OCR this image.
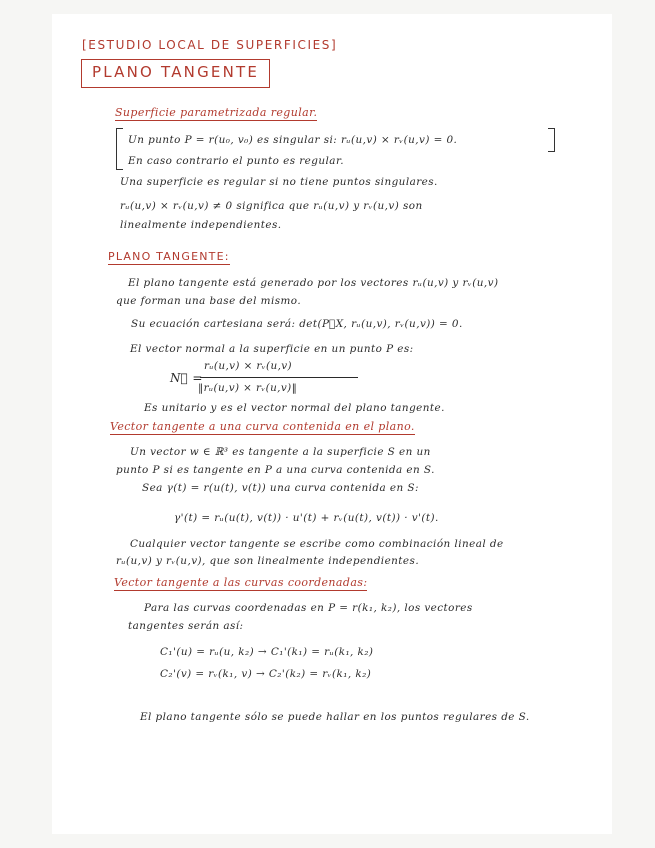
[ESTUDIO LOCAL DE SUPERFICIES]
PLANO TANGENTE
Superficie parametrizada regular.
Un punto P = r(u₀, v₀) es singular si: rᵤ(u,v) × rᵥ(u,v) = 0.
En caso contrario el punto es regular.
Una superficie es regular si no tiene puntos singulares.
rᵤ(u,v) × rᵥ(u,v) ≠ 0 significa que rᵤ(u,v) y rᵥ(u,v) son
linealmente independientes.
PLANO TANGENTE:
El plano tangente está generado por los vectores rᵤ(u,v) y rᵥ(u,v)
que forman una base del mismo.
Su ecuación cartesiana será: det(P⃗X, rᵤ(u,v), rᵥ(u,v)) = 0.
El vector normal a la superficie en un punto P es:
N⃗ =
rᵤ(u,v) × rᵥ(u,v)
‖rᵤ(u,v) × rᵥ(u,v)‖
Es unitario y es el vector normal del plano tangente.
Vector tangente a una curva contenida en el plano.
Un vector w ∈ ℝ³ es tangente a la superficie S en un
punto P si es tangente en P a una curva contenida en S.
Sea γ(t) = r(u(t), v(t)) una curva contenida en S:
γ'(t) = rᵤ(u(t), v(t)) · u'(t) + rᵥ(u(t), v(t)) · v'(t).
Cualquier vector tangente se escribe como combinación lineal de
rᵤ(u,v) y rᵥ(u,v), que son linealmente independientes.
Vector tangente a las curvas coordenadas:
Para las curvas coordenadas en P = r(k₁, k₂), los vectores
tangentes serán así:
C₁'(u) = rᵤ(u, k₂) → C₁'(k₁) = rᵤ(k₁, k₂)
C₂'(v) = rᵥ(k₁, v) → C₂'(k₂) = rᵥ(k₁, k₂)
El plano tangente sólo se puede hallar en los puntos regulares de S.
